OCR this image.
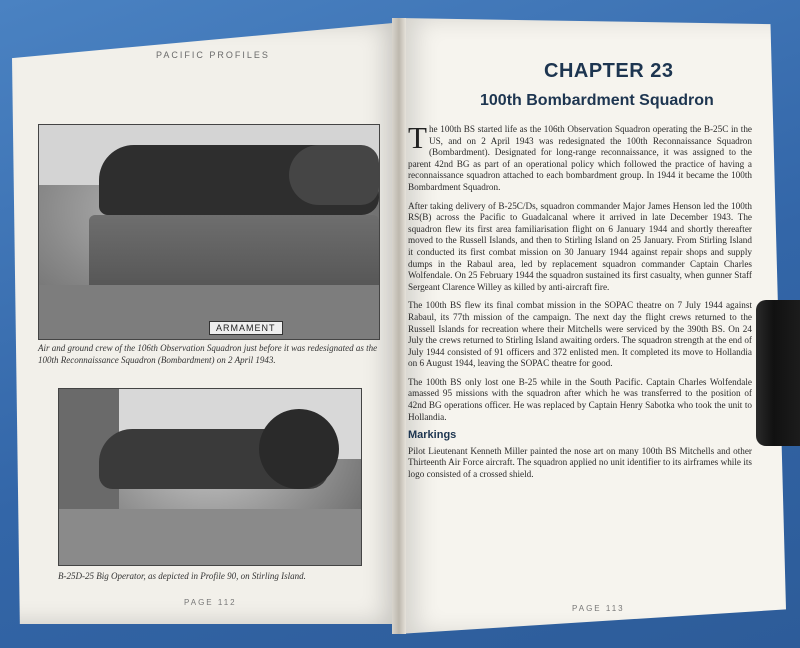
PACIFIC PROFILES
ARMAMENT
Air and ground crew of the 106th Observation Squadron just before it was redesignated as the 100th Reconnaissance Squadron (Bombardment) on 2 April 1943.
B-25D-25 Big Operator, as depicted in Profile 90, on Stirling Island.
PAGE 112
CHAPTER 23
100th Bombardment Squadron

The 100th BS started life as the 106th Observation Squadron operating the B-25C in the US, and on 2 April 1943 was redesignated the 100th Reconnaissance Squadron (Bombardment). Designated for long-range reconnaissance, it was assigned to the parent 42nd BG as part of an operational policy which followed the practice of having a reconnaissance squadron attached to each bombardment group. In 1944 it became the 100th Bombardment Squadron.

After taking delivery of B-25C/Ds, squadron commander Major James Henson led the 100th RS(B) across the Pacific to Guadalcanal where it arrived in late December 1943. The squadron flew its first area familiarisation flight on 6 January 1944 and shortly thereafter moved to the Russell Islands, and then to Stirling Island on 25 January. From Stirling Island it conducted its first combat mission on 30 January 1944 against repair shops and supply dumps in the Rabaul area, led by replacement squadron commander Captain Charles Wolfendale. On 25 February 1944 the squadron sustained its first casualty, when gunner Staff Sergeant Clarence Willey as killed by anti-aircraft fire.

The 100th BS flew its final combat mission in the SOPAC theatre on 7 July 1944 against Rabaul, its 77th mission of the campaign. The next day the flight crews returned to the Russell Islands for recreation where their Mitchells were serviced by the 390th BS. On 24 July the crews returned to Stirling Island awaiting orders. The squadron strength at the end of July 1944 consisted of 91 officers and 372 enlisted men. It completed its move to Hollandia on 6 August 1944, leaving the SOPAC theatre for good.

The 100th BS only lost one B-25 while in the South Pacific. Captain Charles Wolfendale amassed 95 missions with the squadron after which he was transferred to the position of 42nd BG operations officer. He was replaced by Captain Henry Sabotka who took the unit to Hollandia.

Markings

Pilot Lieutenant Kenneth Miller painted the nose art on many 100th BS Mitchells and other Thirteenth Air Force aircraft. The squadron applied no unit identifier to its airframes while its logo consisted of a crossed shield.

PAGE 113
